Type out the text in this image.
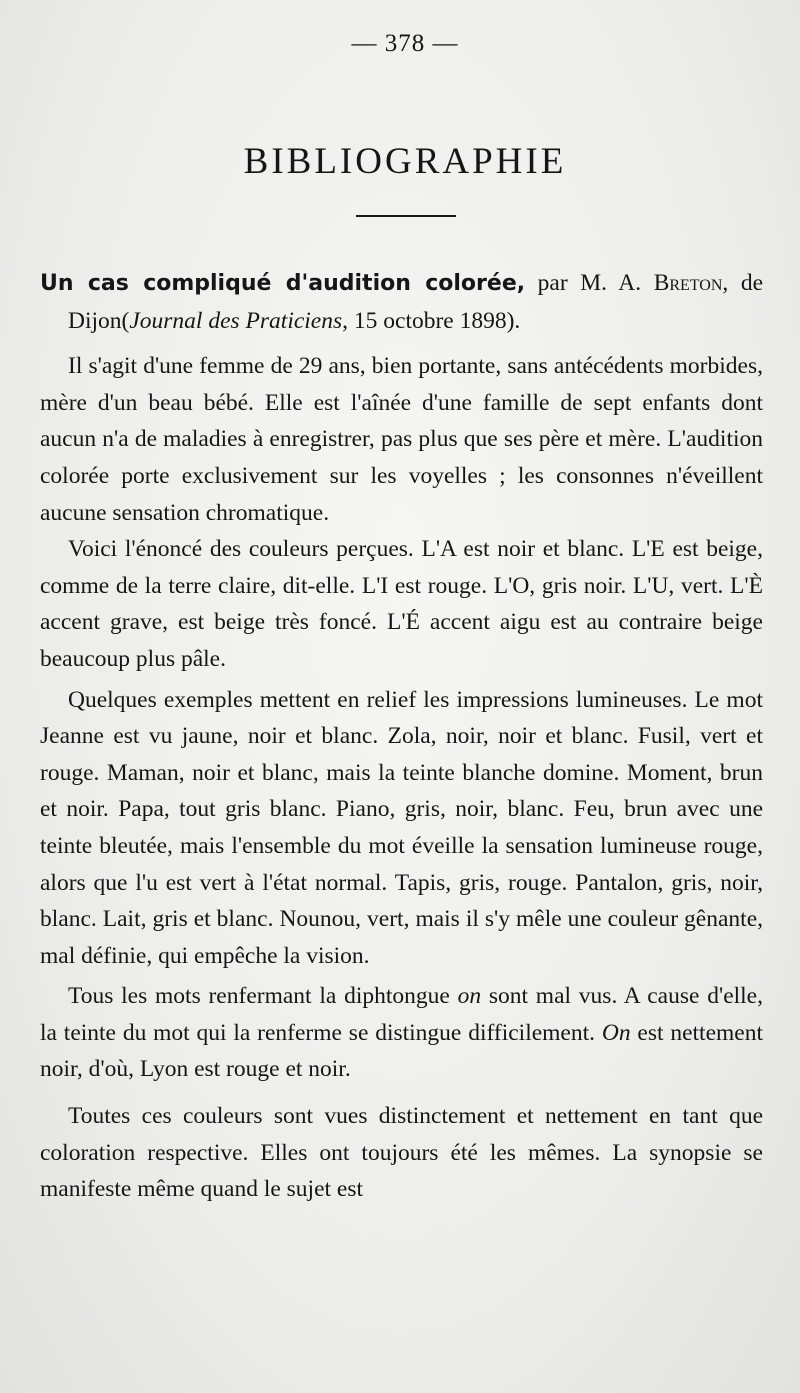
— 378 —
BIBLIOGRAPHIE

Un cas compliqué d'audition colorée, par M. A. Breton, de Dijon(Journal des Praticiens, 15 octobre 1898).

Il s'agit d'une femme de 29 ans, bien portante, sans antécédents morbides, mère d'un beau bébé. Elle est l'aînée d'une famille de sept enfants dont aucun n'a de maladies à enregistrer, pas plus que ses père et mère. L'audition colorée porte exclusivement sur les voyelles ; les consonnes n'éveillent aucune sensation chromatique.

Voici l'énoncé des couleurs perçues. L'A est noir et blanc. L'E est beige, comme de la terre claire, dit-elle. L'I est rouge. L'O, gris noir. L'U, vert. L'È accent grave, est beige très foncé. L'É accent aigu est au contraire beige beaucoup plus pâle.

Quelques exemples mettent en relief les impressions lumineuses. Le mot Jeanne est vu jaune, noir et blanc. Zola, noir, noir et blanc. Fusil, vert et rouge. Maman, noir et blanc, mais la teinte blanche domine. Moment, brun et noir. Papa, tout gris blanc. Piano, gris, noir, blanc. Feu, brun avec une teinte bleutée, mais l'ensemble du mot éveille la sensation lumineuse rouge, alors que l'u est vert à l'état normal. Tapis, gris, rouge. Pantalon, gris, noir, blanc. Lait, gris et blanc. Nounou, vert, mais il s'y mêle une couleur gênante, mal définie, qui empêche la vision.

Tous les mots renfermant la diphtongue on sont mal vus. A cause d'elle, la teinte du mot qui la renferme se distingue difficilement. On est nettement noir, d'où, Lyon est rouge et noir.

Toutes ces couleurs sont vues distinctement et nettement en tant que coloration respective. Elles ont toujours été les mêmes. La synopsie se manifeste même quand le sujet est
